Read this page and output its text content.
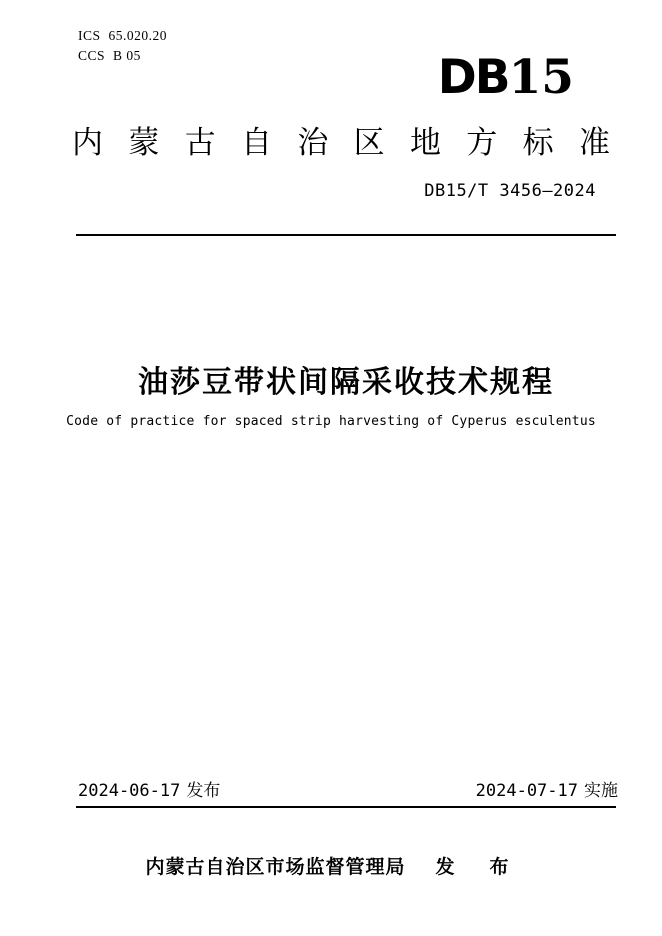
ICS 65.020.20
CCS B 05	DB15
内 蒙 古 自 治 区 地 方 标 准
DB15/T 3456—2024
油莎豆带状间隔采收技术规程
Code of practice for spaced strip harvesting of Cyperus esculentus
2024-06-17 发布	2024-07-17 实施
内蒙古自治区市场监督管理局 发　布
